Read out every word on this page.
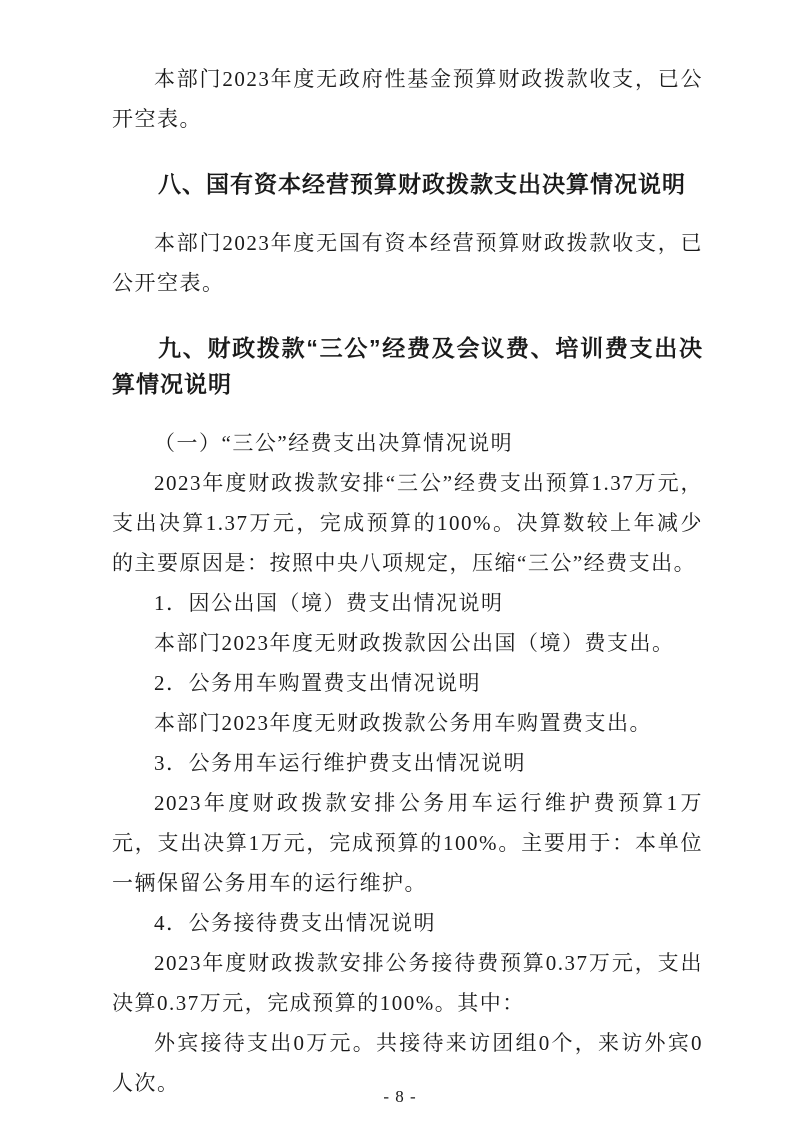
本部门2023年度无政府性基金预算财政拨款收支，已公开空表。

八、国有资本经营预算财政拨款支出决算情况说明

本部门2023年度无国有资本经营预算财政拨款收支，已公开空表。

九、财政拨款“三公”经费及会议费、培训费支出决算情况说明

（一）“三公”经费支出决算情况说明

2023年度财政拨款安排“三公”经费支出预算1.37万元，支出决算1.37万元，完成预算的100%。决算数较上年减少的主要原因是：按照中央八项规定，压缩“三公”经费支出。

1．因公出国（境）费支出情况说明

本部门2023年度无财政拨款因公出国（境）费支出。

2．公务用车购置费支出情况说明

本部门2023年度无财政拨款公务用车购置费支出。

3．公务用车运行维护费支出情况说明

2023年度财政拨款安排公务用车运行维护费预算1万元，支出决算1万元，完成预算的100%。主要用于：本单位一辆保留公务用车的运行维护。

4．公务接待费支出情况说明

2023年度财政拨款安排公务接待费预算0.37万元，支出决算0.37万元，完成预算的100%。其中：

外宾接待支出0万元。共接待来访团组0个，来访外宾0人次。

- 8 -
